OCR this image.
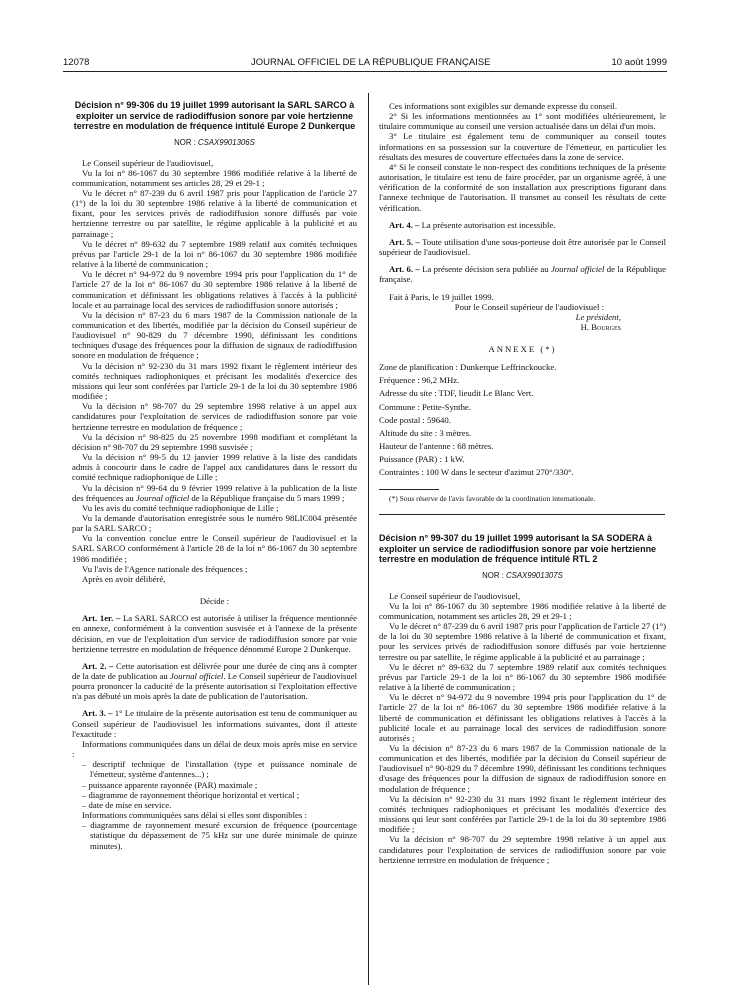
12078	JOURNAL OFFICIEL DE LA RÉPUBLIQUE FRANÇAISE	10 août 1999

Décision n° 99-306 du 19 juillet 1999 autorisant la SARL SARCO à exploiter un service de radiodiffusion sonore par voie hertzienne terrestre en modulation de fréquence intitulé Europe 2 Dunkerque

NOR : CSAX9901306S

Le Conseil supérieur de l'audiovisuel,

Vu la loi n° 86-1067 du 30 septembre 1986 modifiée relative à la liberté de communication, notamment ses articles 28, 29 et 29-1 ;

Vu le décret n° 87-239 du 6 avril 1987 pris pour l'application de l'article 27 (1°) de la loi du 30 septembre 1986 relative à la liberté de communication et fixant, pour les services privés de radiodiffusion sonore diffusés par voie hertzienne terrestre ou par satellite, le régime applicable à la publicité et au parrainage ;

Vu le décret n° 89-632 du 7 septembre 1989 relatif aux comités techniques prévus par l'article 29-1 de la loi n° 86-1067 du 30 septembre 1986 modifiée relative à la liberté de communication ;

Vu le décret n° 94-972 du 9 novembre 1994 pris pour l'application du 1° de l'article 27 de la loi n° 86-1067 du 30 septembre 1986 relative à la liberté de communication et définissant les obligations relatives à l'accès à la publicité locale et au parrainage local des services de radiodiffusion sonore autorisés ;

Vu la décision n° 87-23 du 6 mars 1987 de la Commission nationale de la communication et des libertés, modifiée par la décision du Conseil supérieur de l'audiovisuel n° 90-829 du 7 décembre 1990, définissant les conditions techniques d'usage des fréquences pour la diffusion de signaux de radiodiffusion sonore en modulation de fréquence ;

Vu la décision n° 92-230 du 31 mars 1992 fixant le règlement intérieur des comités techniques radiophoniques et précisant les modalités d'exercice des missions qui leur sont conférées par l'article 29-1 de la loi du 30 septembre 1986 modifiée ;

Vu la décision n° 98-707 du 29 septembre 1998 relative à un appel aux candidatures pour l'exploitation de services de radiodiffusion sonore par voie hertzienne terrestre en modulation de fréquence ;

Vu la décision n° 98-825 du 25 novembre 1998 modifiant et complétant la décision n° 98-707 du 29 septembre 1998 susvisée ;

Vu la décision n° 99-5 du 12 janvier 1999 relative à la liste des candidats admis à concourir dans le cadre de l'appel aux candidatures dans le ressort du comité technique radiophonique de Lille ;

Vu la décision n° 99-64 du 9 février 1999 relative à la publication de la liste des fréquences au Journal officiel de la République française du 5 mars 1999 ;

Vu les avis du comité technique radiophonique de Lille ;

Vu la demande d'autorisation enregistrée sous le numéro 98LIC004 présentée par la SARL SARCO ;

Vu la convention conclue entre le Conseil supérieur de l'audiovisuel et la SARL SARCO conformément à l'article 28 de la loi n° 86-1067 du 30 septembre 1986 modifiée ;

Vu l'avis de l'Agence nationale des fréquences ;

Après en avoir délibéré,

Décide :

Art. 1er. – La SARL SARCO est autorisée à utiliser la fréquence mentionnée en annexe, conformément à la convention susvisée et à l'annexe de la présente décision, en vue de l'exploitation d'un service de radiodiffusion sonore par voie hertzienne terrestre en modulation de fréquence dénommé Europe 2 Dunkerque.

Art. 2. – Cette autorisation est délivrée pour une durée de cinq ans à compter de la date de publication au Journal officiel. Le Conseil supérieur de l'audiovisuel pourra prononcer la caducité de la présente autorisation si l'exploitation effective n'a pas débuté un mois après la date de publication de l'autorisation.

Art. 3. – 1° Le titulaire de la présente autorisation est tenu de communiquer au Conseil supérieur de l'audiovisuel les informations suivantes, dont il atteste l'exactitude :

Informations communiquées dans un délai de deux mois après mise en service :

– descriptif technique de l'installation (type et puissance nominale de l'émetteur, système d'antennes...) ;

– puissance apparente rayonnée (PAR) maximale ;

– diagramme de rayonnement théorique horizontal et vertical ;

– date de mise en service.

Informations communiquées sans délai si elles sont disponibles :

– diagramme de rayonnement mesuré excursion de fréquence (pourcentage statistique du dépassement de 75 kHz sur une durée minimale de quinze minutes).

Ces informations sont exigibles sur demande expresse du conseil.

2° Si les informations mentionnées au 1° sont modifiées ultérieurement, le titulaire communique au conseil une version actualisée dans un délai d'un mois.

3° Le titulaire est également tenu de communiquer au conseil toutes informations en sa possession sur la couverture de l'émetteur, en particulier les résultats des mesures de couverture effectuées dans la zone de service.

4° Si le conseil constate le non-respect des conditions techniques de la présente autorisation, le titulaire est tenu de faire procéder, par un organisme agréé, à une vérification de la conformité de son installation aux prescriptions figurant dans l'annexe technique de l'autorisation. Il transmet au conseil les résultats de cette vérification.

Art. 4. – La présente autorisation est incessible.

Art. 5. – Toute utilisation d'une sous-porteuse doit être autorisée par le Conseil supérieur de l'audiovisuel.

Art. 6. – La présente décision sera publiée au Journal officiel de la République française.

Fait à Paris, le 19 juillet 1999.

Pour le Conseil supérieur de l'audiovisuel :

Le président,

H. Bourges

ANNEXE (*)

Zone de planification : Dunkerque Leffrinckoucke.

Fréquence : 96,2 MHz.

Adresse du site : TDF, lieudit Le Blanc Vert.

Commune : Petite-Synthe.

Code postal : 59640.

Altitude du site : 3 mètres.

Hauteur de l'antenne : 68 mètres.

Puissance (PAR) : 1 kW.

Contraintes : 100 W dans le secteur d'azimut 270°/330°.

(*) Sous réserve de l'avis favorable de la coordination internationale.

Décision n° 99-307 du 19 juillet 1999 autorisant la SA SODERA à exploiter un service de radiodiffusion sonore par voie hertzienne terrestre en modulation de fréquence intitulé RTL 2

NOR : CSAX9901307S

Le Conseil supérieur de l'audiovisuel,

Vu la loi n° 86-1067 du 30 septembre 1986 modifiée relative à la liberté de communication, notamment ses articles 28, 29 et 29-1 ;

Vu le décret n° 87-239 du 6 avril 1987 pris pour l'application de l'article 27 (1°) de la loi du 30 septembre 1986 relative à la liberté de communication et fixant, pour les services privés de radiodiffusion sonore diffusés par voie hertzienne terrestre ou par satellite, le régime applicable à la publicité et au parrainage ;

Vu le décret n° 89-632 du 7 septembre 1989 relatif aux comités techniques prévus par l'article 29-1 de la loi n° 86-1067 du 30 septembre 1986 modifiée relative à la liberté de communication ;

Vu le décret n° 94-972 du 9 novembre 1994 pris pour l'application du 1° de l'article 27 de la loi n° 86-1067 du 30 septembre 1986 modifiée relative à la liberté de communication et définissant les obligations relatives à l'accès à la publicité locale et au parrainage local des services de radiodiffusion sonore autorisés ;

Vu la décision n° 87-23 du 6 mars 1987 de la Commission nationale de la communication et des libertés, modifiée par la décision du Conseil supérieur de l'audiovisuel n° 90-829 du 7 décembre 1990, définissant les conditions techniques d'usage des fréquences pour la diffusion de signaux de radiodiffusion sonore en modulation de fréquence ;

Vu la décision n° 92-230 du 31 mars 1992 fixant le règlement intérieur des comités techniques radiophoniques et précisant les modalités d'exercice des missions qui leur sont conférées par l'article 29-1 de la loi du 30 septembre 1986 modifiée ;

Vu la décision n° 98-707 du 29 septembre 1998 relative à un appel aux candidatures pour l'exploitation de services de radiodiffusion sonore par voie hertzienne terrestre en modulation de fréquence ;
